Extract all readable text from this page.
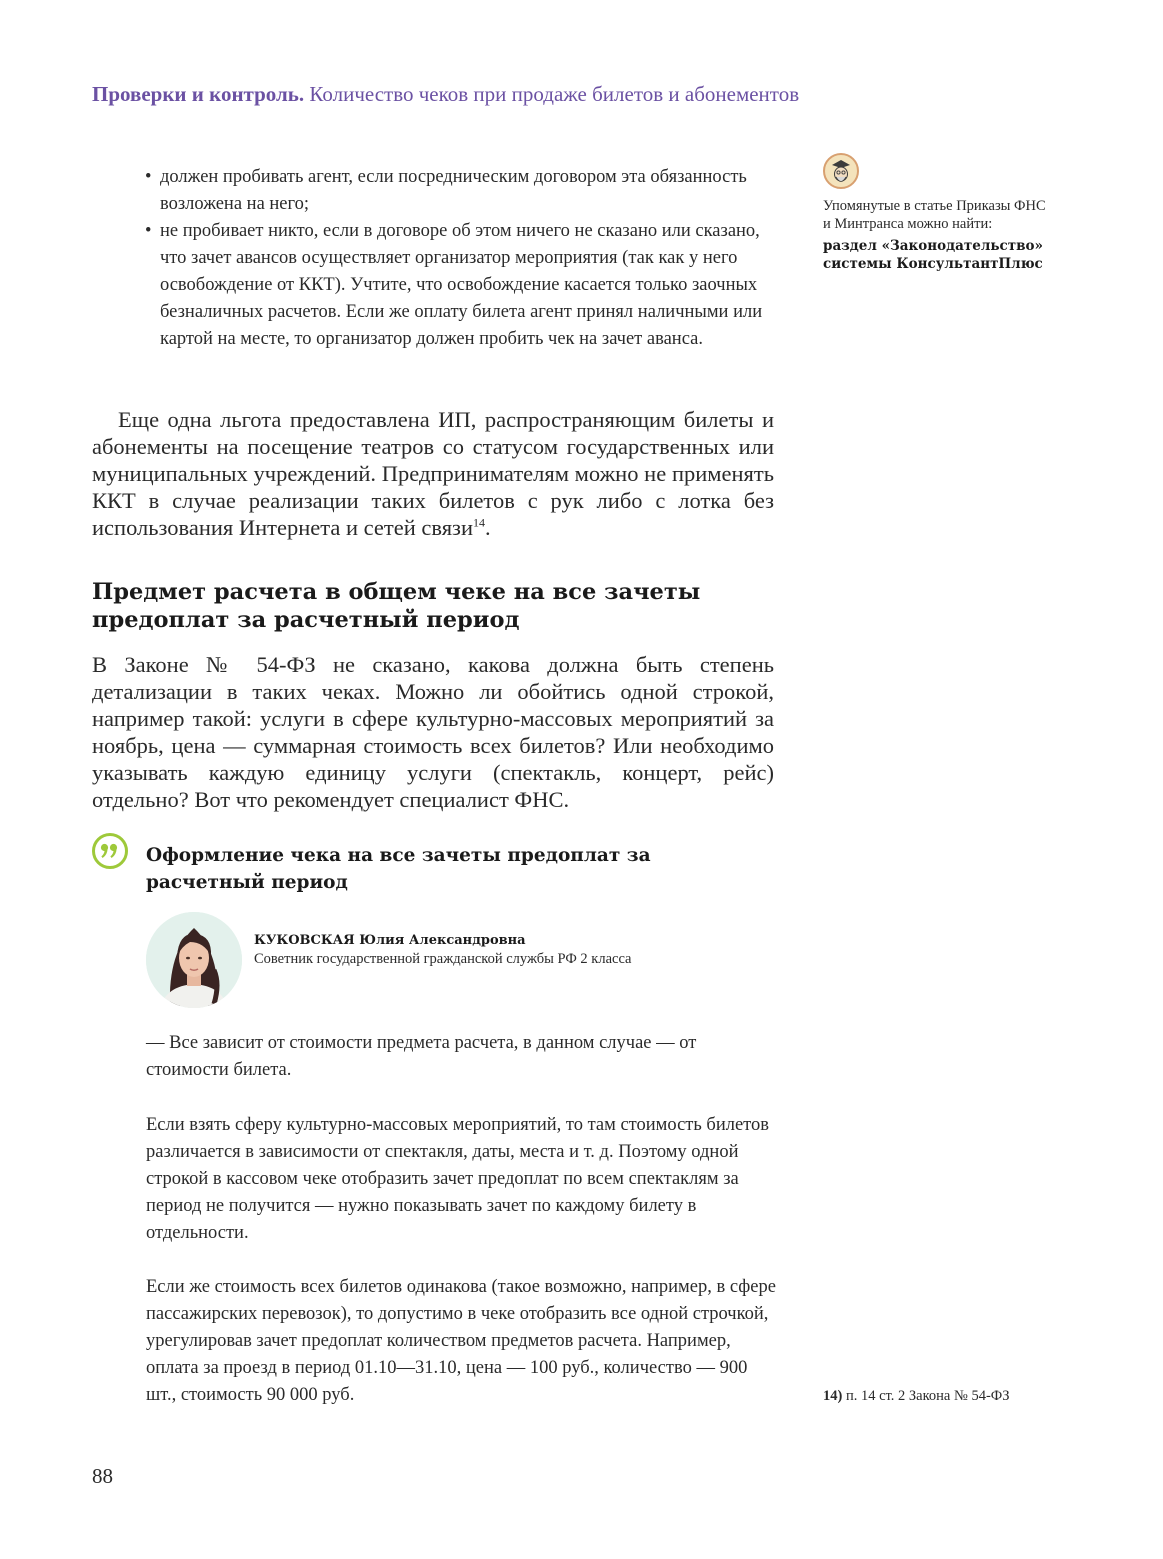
Проверки и контроль. Количество чеков при продаже билетов и абонементов
• должен пробивать агент, если посредническим договором эта обязанность возложена на него;
• не пробивает никто, если в договоре об этом ничего не сказано или сказано, что зачет авансов осуществляет организатор мероприятия (так как у него освобождение от ККТ). Учтите, что освобождение касается только заочных безналичных расчетов. Если же оплату билета агент принял наличными или картой на месте, то организатор должен пробить чек на зачет аванса.

Еще одна льгота предоставлена ИП, распространяющим билеты и абонементы на посещение театров со статусом государственных или муниципальных учреждений. Предпринимателям можно не применять ККТ в случае реализации таких билетов с рук либо с лотка без использования Интернета и сетей связи$^{14}$.

Предмет расчета в общем чеке на все зачеты предоплат за расчетный период

В Законе № 54-ФЗ не сказано, какова должна быть степень детализации в таких чеках. Можно ли обойтись одной строкой, например такой: услуги в сфере культурно-массовых мероприятий за ноябрь, цена — суммарная стоимость всех билетов? Или необходимо указывать каждую единицу услуги (спектакль, концерт, рейс) отдельно? Вот что рекомендует специалист ФНС.

Оформление чека на все зачеты предоплат за расчетный период

КУКОВСКАЯ Юлия Александровна
Советник государственной гражданской службы РФ 2 класса

— Все зависит от стоимости предмета расчета, в данном случае — от стоимости билета.

Если взять сферу культурно-массовых мероприятий, то там стоимость билетов различается в зависимости от спектакля, даты, места и т. д. Поэтому одной строкой в кассовом чеке отобразить зачет предоплат по всем спектаклям за период не получится — нужно показывать зачет по каждому билету в отдельности.

Если же стоимость всех билетов одинакова (такое возможно, например, в сфере пассажирских перевозок), то допустимо в чеке отобразить все одной строчкой, урегулировав зачет предоплат количеством предметов расчета. Например, оплата за проезд в период 01.10—31.10, цена — 100 руб., количество — 900 шт., стоимость 90 000 руб.

Упомянутые в статье Приказы ФНС и Минтранса можно найти:
раздел «Законодательство» системы КонсультантПлюс
14) п. 14 ст. 2 Закона № 54-ФЗ
88
